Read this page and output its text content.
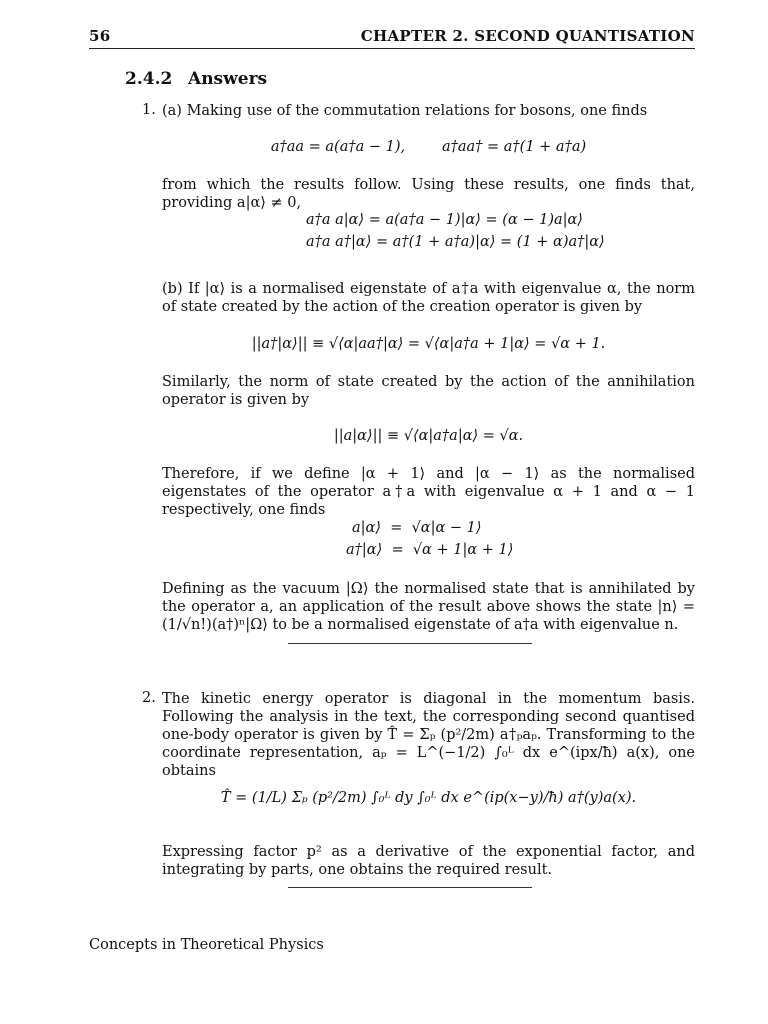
56	CHAPTER 2. SECOND QUANTISATION
2.4.2 Answers
1. (a) Making use of the commutation relations for bosons, one finds
a†aa = a(a†a − 1),        a†aa† = a†(1 + a†a)
from which the results follow. Using these results, one finds that, providing a|α⟩ ≠ 0,
a†a a|α⟩ = a(a†a − 1)|α⟩ = (α − 1)a|α⟩
a†a a†|α⟩ = a†(1 + a†a)|α⟩ = (1 + α)a†|α⟩
(b) If |α⟩ is a normalised eigenstate of a†a with eigenvalue α, the norm of state created by the action of the creation operator is given by
||a†|α⟩|| ≡ √⟨α|aa†|α⟩ = √⟨α|a†a + 1|α⟩ = √α + 1.
Similarly, the norm of state created by the action of the annihilation operator is given by
||a|α⟩|| ≡ √⟨α|a†a|α⟩ = √α.
Therefore, if we define |α + 1⟩ and |α − 1⟩ as the normalised eigenstates of the operator a†a with eigenvalue α + 1 and α − 1 respectively, one finds
a|α⟩  =  √α|α − 1⟩
a†|α⟩  =  √α + 1|α + 1⟩
Defining as the vacuum |Ω⟩ the normalised state that is annihilated by the operator a, an application of the result above shows the state |n⟩ = (1/√n!)(a†)ⁿ|Ω⟩ to be a normalised eigenstate of a†a with eigenvalue n.
2. The kinetic energy operator is diagonal in the momentum basis. Following the analysis in the text, the corresponding second quantised one-body operator is given by T̂ = Σₚ (p²/2m) a†ₚaₚ. Transforming to the coordinate representation, aₚ = L^(−1/2) ∫₀ᴸ dx e^(ipx/ħ) a(x), one obtains
T̂ = (1/L) Σₚ (p²/2m) ∫₀ᴸ dy ∫₀ᴸ dx e^(ip(x−y)/ħ) a†(y)a(x).
Expressing factor p² as a derivative of the exponential factor, and integrating by parts, one obtains the required result.
Concepts in Theoretical Physics
